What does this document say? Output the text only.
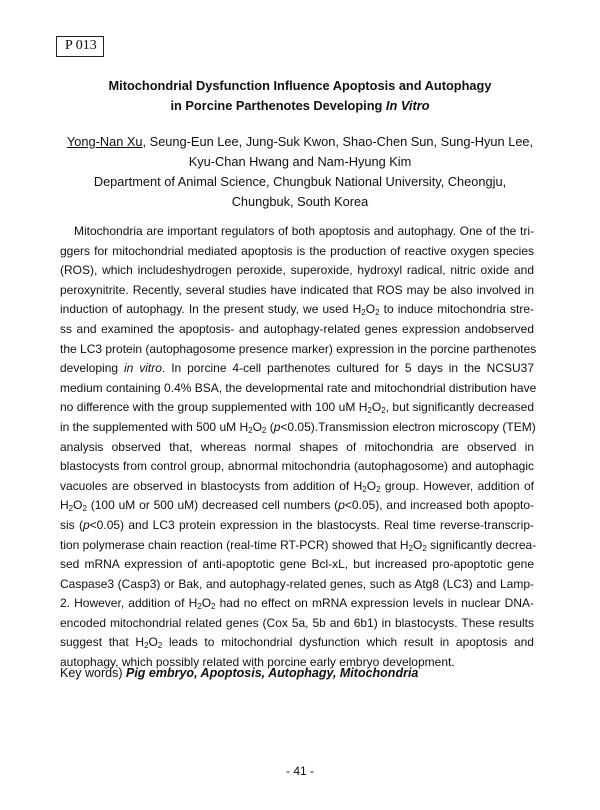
P 013
Mitochondrial Dysfunction Influence Apoptosis and Autophagy
in Porcine Parthenotes Developing In Vitro
Yong-Nan Xu, Seung-Eun Lee, Jung-Suk Kwon, Shao-Chen Sun, Sung-Hyun Lee,
Kyu-Chan Hwang and Nam-Hyung Kim
Department of Animal Science, Chungbuk National University, Cheongju,
Chungbuk, South Korea
Mitochondria are important regulators of both apoptosis and autophagy. One of the tri-
ggers for mitochondrial mediated apoptosis is the production of reactive oxygen species
(ROS), which includeshydrogen peroxide, superoxide, hydroxyl radical, nitric oxide and
peroxynitrite. Recently, several studies have indicated that ROS may be also involved in
induction of autophagy. In the present study, we used $H_2O_2$ to induce mitochondria stre-
ss and examined the apoptosis- and autophagy-related genes expression andobserved
the LC3 protein (autophagosome presence marker) expression in the porcine parthenotes
developing in vitro. In porcine 4-cell parthenotes cultured for 5 days in the NCSU37
medium containing 0.4% BSA, the developmental rate and mitochondrial distribution have
no difference with the group supplemented with 100 uM $H_2O_2$, but significantly decreased
in the supplemented with 500 uM $H_2O_2$ (p<0.05).Transmission electron microscopy (TEM)
analysis observed that, whereas normal shapes of mitochondria are observed in
blastocysts from control group, abnormal mitochondria (autophagosome) and autophagic
vacuoles are observed in blastocysts from addition of $H_2O_2$ group. However, addition of
$H_2O_2$ (100 uM or 500 uM) decreased cell numbers (p<0.05), and increased both apopto-
sis (p<0.05) and LC3 protein expression in the blastocysts. Real time reverse-transcrip-
tion polymerase chain reaction (real-time RT-PCR) showed that $H_2O_2$ significantly decrea-
sed mRNA expression of anti-apoptotic gene Bcl-xL, but increased pro-apoptotic gene
Caspase3 (Casp3) or Bak, and autophagy-related genes, such as Atg8 (LC3) and Lamp-
2. However, addition of $H_2O_2$ had no effect on mRNA expression levels in nuclear DNA-
encoded mitochondrial related genes (Cox 5a, 5b and 6b1) in blastocysts. These results
suggest that $H_2O_2$ leads to mitochondrial dysfunction which result in apoptosis and
autophagy, which possibly related with porcine early embryo development.
Key words) Pig embryo, Apoptosis, Autophagy, Mitochondria
- 41 -
